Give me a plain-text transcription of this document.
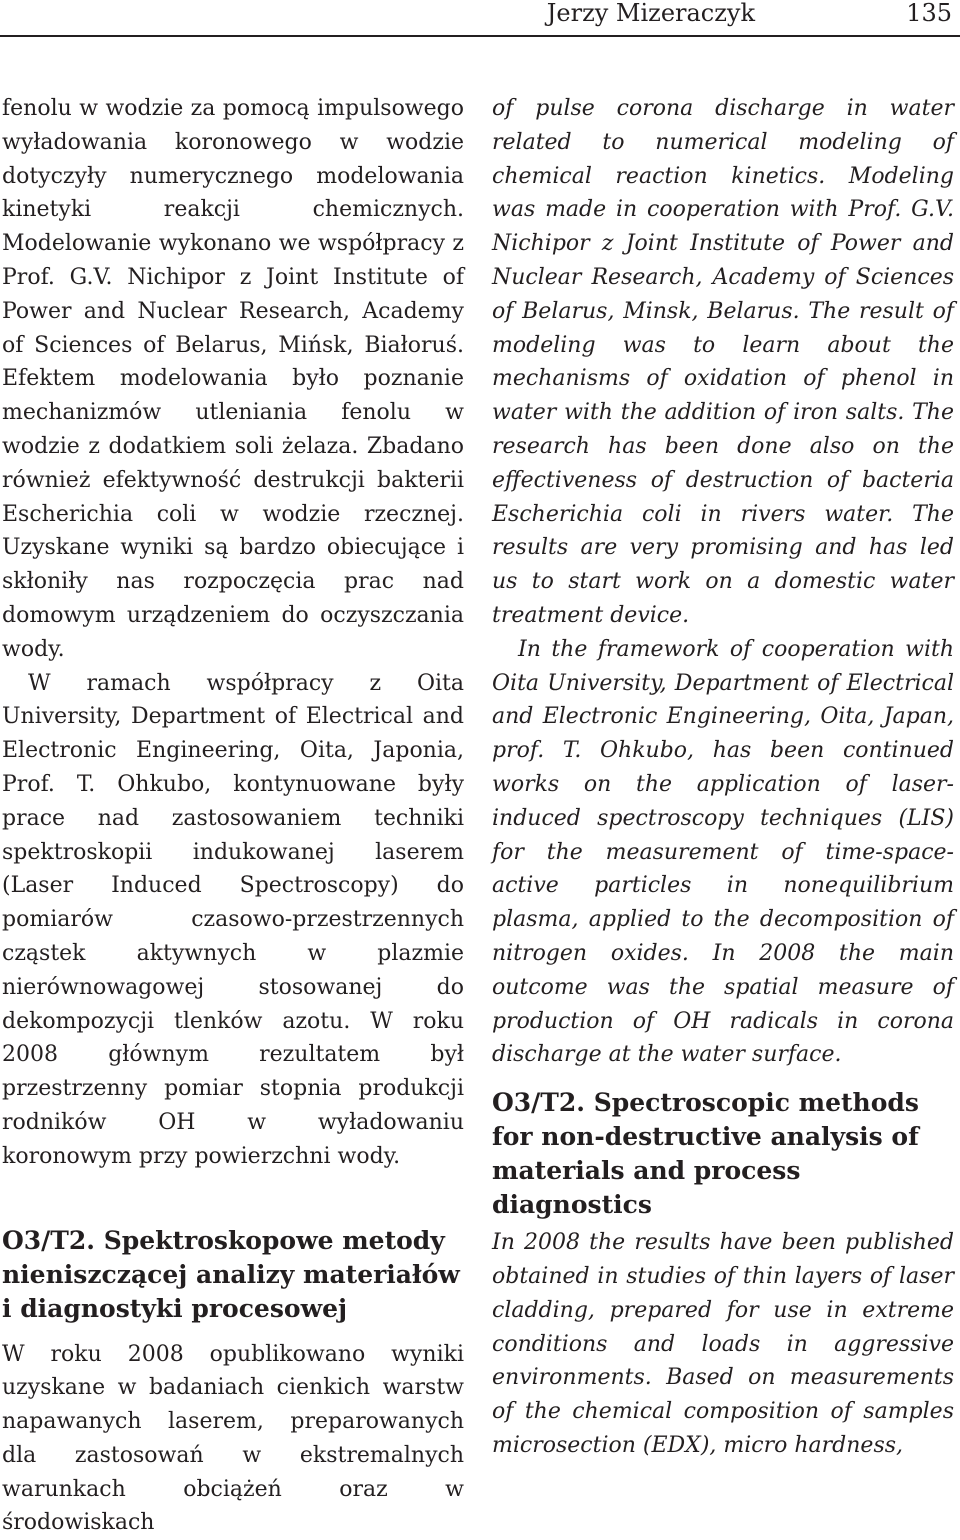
Jerzy Mizeraczyk	135

fenolu w wodzie za pomocą impulsowego wyładowania koronowego w wodzie dotyczyły numerycznego modelowania kinetyki reakcji chemicznych. Modelowanie wykonano we współpracy z Prof. G.V. Nichipor z Joint Institute of Power and Nuclear Research, Academy of Sciences of Belarus, Mińsk, Białoruś. Efektem modelowania było poznanie mechanizmów utleniania fenolu w wodzie z dodatkiem soli żelaza. Zbadano również efektywność destrukcji bakterii Escherichia coli w wodzie rzecznej. Uzyskane wyniki są bardzo obiecujące i skłoniły nas rozpoczęcia prac nad domowym urządzeniem do oczyszczania wody.

W ramach współpracy z Oita University, Department of Electrical and Electronic Engineering, Oita, Japonia, Prof. T. Ohkubo, kontynuowane były prace nad zastosowaniem techniki spektroskopii indukowanej laserem (Laser Induced Spectroscopy) do pomiarów czasowo-przestrzennych cząstek aktywnych w plazmie nierównowagowej stosowanej do dekompozycji tlenków azotu. W roku 2008 głównym rezultatem był przestrzenny pomiar stopnia produkcji rodników OH w wyładowaniu koronowym przy powierzchni wody.

O3/T2. Spektroskopowe metody nieniszczącej analizy materiałów i diagnostyki procesowej

W roku 2008 opublikowano wyniki uzyskane w badaniach cienkich warstw napawanych laserem, preparowanych dla zastosowań w ekstremalnych warunkach obciążeń oraz w środowiskach

of pulse corona discharge in water related to numerical modeling of chemical reaction kinetics. Modeling was made in cooperation with Prof. G.V. Nichipor z Joint Institute of Power and Nuclear Research, Academy of Sciences of Belarus, Minsk, Belarus. The result of modeling was to learn about the mechanisms of oxidation of phenol in water with the addition of iron salts. The research has been done also on the effectiveness of destruction of bacteria Escherichia coli in rivers water. The results are very promising and has led us to start work on a domestic water treatment device.

In the framework of cooperation with Oita University, Department of Electrical and Electronic Engineering, Oita, Japan, prof. T. Ohkubo, has been continued works on the application of laser-induced spectroscopy techniques (LIS) for the measurement of time-space-active particles in nonequilibrium plasma, applied to the decomposition of nitrogen oxides. In 2008 the main outcome was the spatial measure of production of OH radicals in corona discharge at the water surface.

O3/T2. Spectroscopic methods for non-destructive analysis of materials and process diagnostics

In 2008 the results have been published obtained in studies of thin layers of laser cladding, prepared for use in extreme conditions and loads in aggressive environments. Based on measurements of the chemical composition of samples microsection (EDX), micro hardness,
